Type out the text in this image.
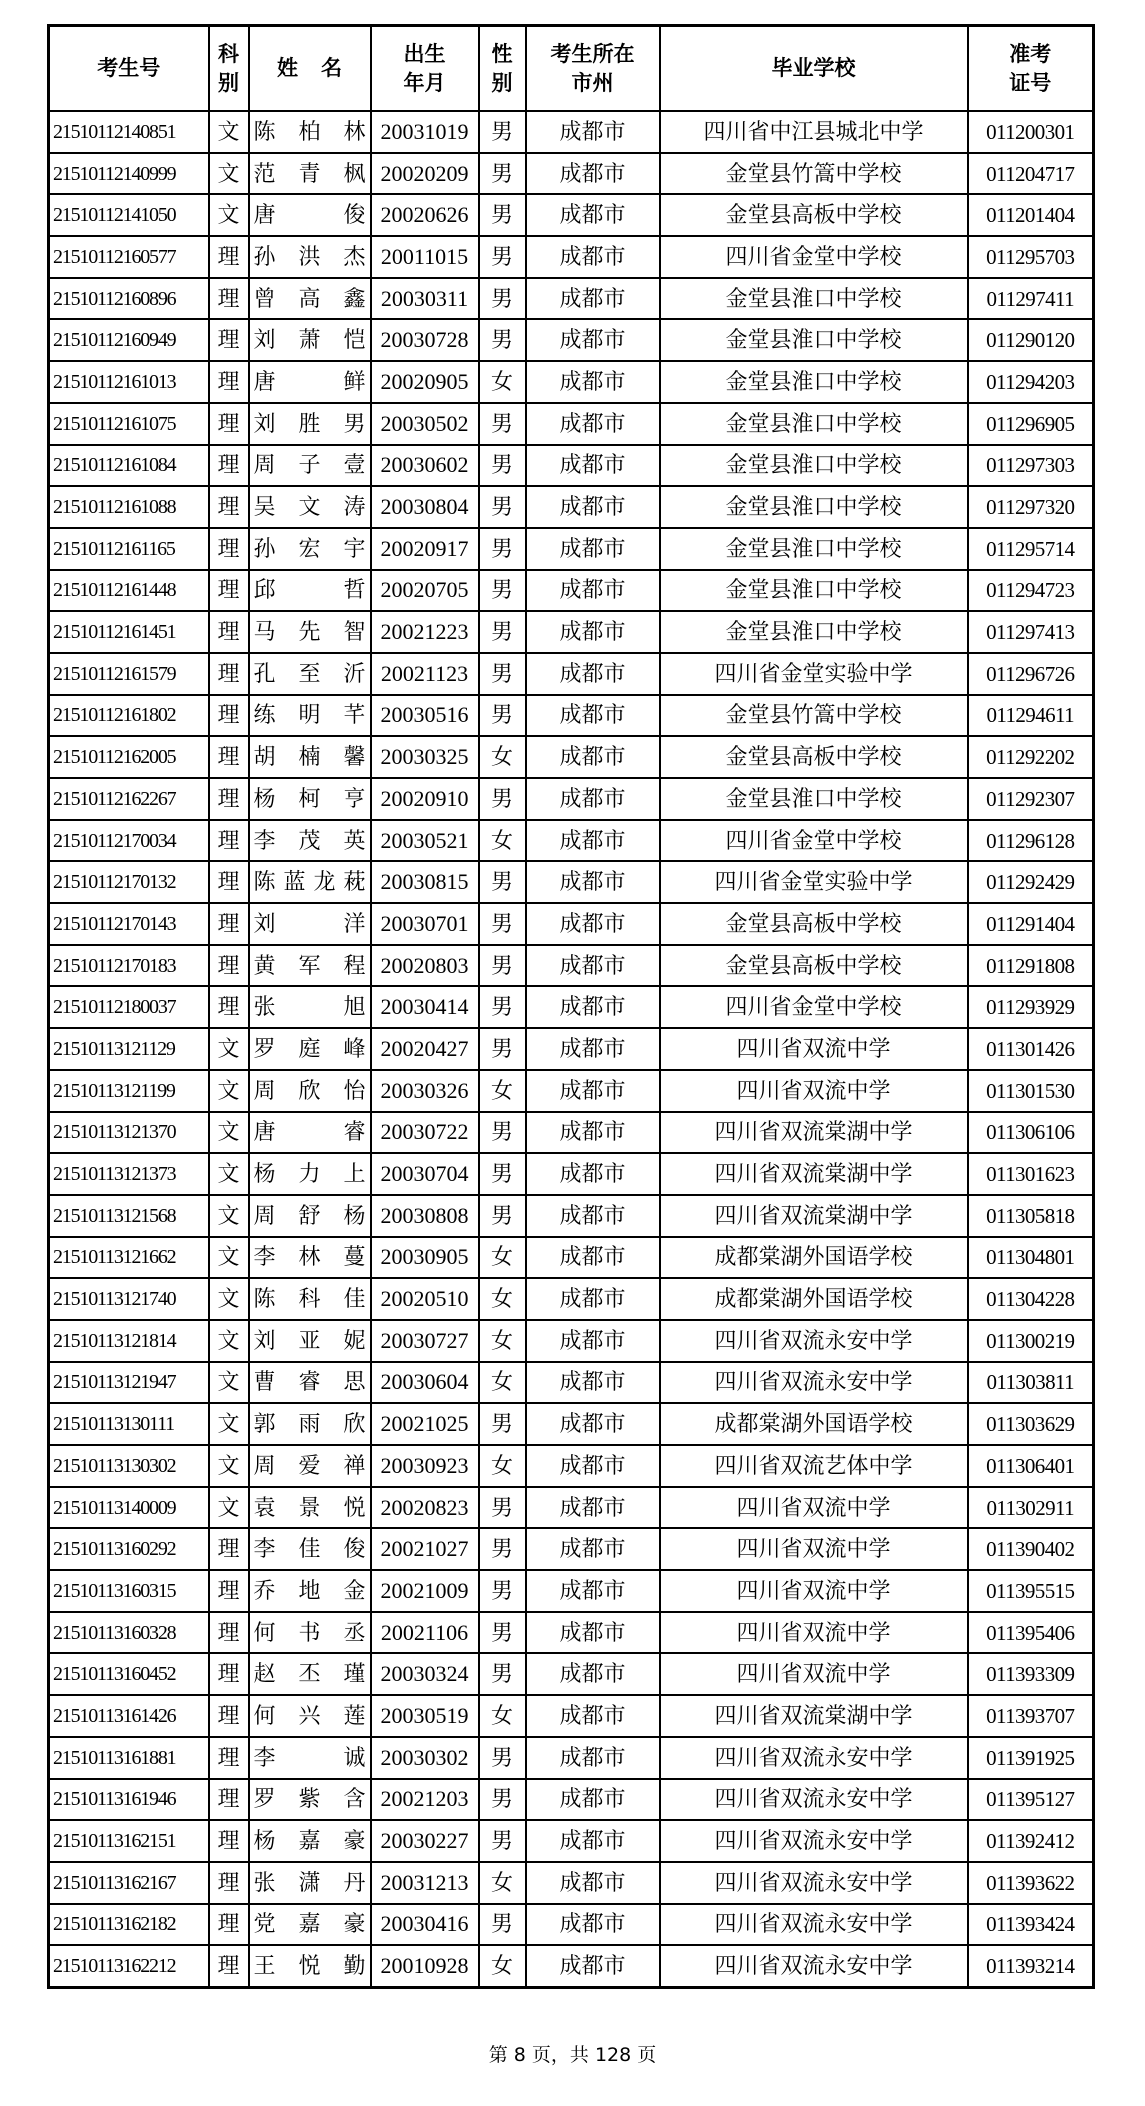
考生号	科别	姓 名	出生年月	性别	考生所在市州	毕业学校	准考证号

21510112140851	文	陈柏林	20031019	男	成都市	四川省中江县城北中学	011200301
21510112140999	文	范青枫	20020209	男	成都市	金堂县竹篙中学校	011204717
21510112141050	文	唐俊	20020626	男	成都市	金堂县高板中学校	011201404
21510112160577	理	孙洪杰	20011015	男	成都市	四川省金堂中学校	011295703
21510112160896	理	曾高鑫	20030311	男	成都市	金堂县淮口中学校	011297411
21510112160949	理	刘萧恺	20030728	男	成都市	金堂县淮口中学校	011290120
21510112161013	理	唐鲜	20020905	女	成都市	金堂县淮口中学校	011294203
21510112161075	理	刘胜男	20030502	男	成都市	金堂县淮口中学校	011296905
21510112161084	理	周子壹	20030602	男	成都市	金堂县淮口中学校	011297303
21510112161088	理	吴文涛	20030804	男	成都市	金堂县淮口中学校	011297320
21510112161165	理	孙宏宇	20020917	男	成都市	金堂县淮口中学校	011295714
21510112161448	理	邱哲	20020705	男	成都市	金堂县淮口中学校	011294723
21510112161451	理	马先智	20021223	男	成都市	金堂县淮口中学校	011297413
21510112161579	理	孔至沂	20021123	男	成都市	四川省金堂实验中学	011296726
21510112161802	理	练明芊	20030516	男	成都市	金堂县竹篙中学校	011294611
21510112162005	理	胡楠馨	20030325	女	成都市	金堂县高板中学校	011292202
21510112162267	理	杨柯亨	20020910	男	成都市	金堂县淮口中学校	011292307
21510112170034	理	李茂英	20030521	女	成都市	四川省金堂中学校	011296128
21510112170132	理	陈蓝龙萙	20030815	男	成都市	四川省金堂实验中学	011292429
21510112170143	理	刘洋	20030701	男	成都市	金堂县高板中学校	011291404
21510112170183	理	黄军程	20020803	男	成都市	金堂县高板中学校	011291808
21510112180037	理	张旭	20030414	男	成都市	四川省金堂中学校	011293929
21510113121129	文	罗庭峰	20020427	男	成都市	四川省双流中学	011301426
21510113121199	文	周欣怡	20030326	女	成都市	四川省双流中学	011301530
21510113121370	文	唐睿	20030722	男	成都市	四川省双流棠湖中学	011306106
21510113121373	文	杨力上	20030704	男	成都市	四川省双流棠湖中学	011301623
21510113121568	文	周舒杨	20030808	男	成都市	四川省双流棠湖中学	011305818
21510113121662	文	李林蔓	20030905	女	成都市	成都棠湖外国语学校	011304801
21510113121740	文	陈科佳	20020510	女	成都市	成都棠湖外国语学校	011304228
21510113121814	文	刘亚妮	20030727	女	成都市	四川省双流永安中学	011300219
21510113121947	文	曹睿思	20030604	女	成都市	四川省双流永安中学	011303811
21510113130111	文	郭雨欣	20021025	男	成都市	成都棠湖外国语学校	011303629
21510113130302	文	周爱禅	20030923	女	成都市	四川省双流艺体中学	011306401
21510113140009	文	袁景悦	20020823	男	成都市	四川省双流中学	011302911
21510113160292	理	李佳俊	20021027	男	成都市	四川省双流中学	011390402
21510113160315	理	乔地金	20021009	男	成都市	四川省双流中学	011395515
21510113160328	理	何书丞	20021106	男	成都市	四川省双流中学	011395406
21510113160452	理	赵丕瑾	20030324	男	成都市	四川省双流中学	011393309
21510113161426	理	何兴莲	20030519	女	成都市	四川省双流棠湖中学	011393707
21510113161881	理	李诚	20030302	男	成都市	四川省双流永安中学	011391925
21510113161946	理	罗紫含	20021203	男	成都市	四川省双流永安中学	011395127
21510113162151	理	杨嘉豪	20030227	男	成都市	四川省双流永安中学	011392412
21510113162167	理	张潇丹	20031213	女	成都市	四川省双流永安中学	011393622
21510113162182	理	党嘉豪	20030416	男	成都市	四川省双流永安中学	011393424
21510113162212	理	王悦勤	20010928	女	成都市	四川省双流永安中学	011393214
第 8 页，共 128 页
